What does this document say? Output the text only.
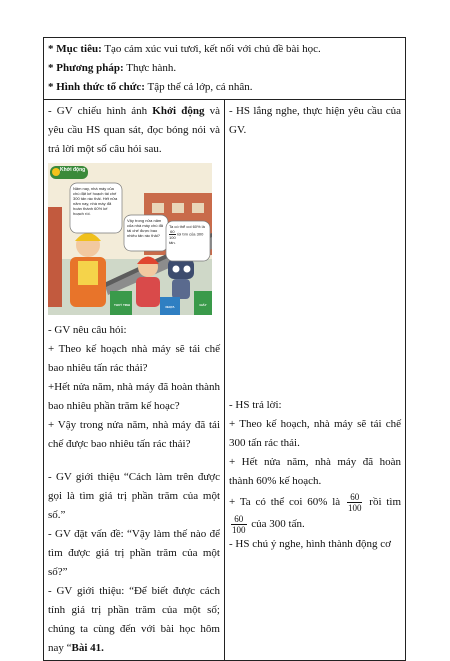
* Mục tiêu: Tạo cảm xúc vui tươi, kết nối với chủ đề bài học.

* Phương pháp: Thực hành.

* Hình thức tổ chức: Tập thể cả lớp, cá nhân.

- GV chiếu hình ảnh Khởi động và yêu cầu HS quan sát, đọc bóng nói và trả lời một số câu hỏi sau.

Khởi động
Năm nay, nhà máy của chú đặt kế hoạch tái chế 300 tấn rác thải. Hết nửa năm nay, nhà máy đã hoàn thành 60% kế hoạch rồi.
Vậy trong nửa năm của nhà máy chú đã tái chế được bao nhiêu tấn rác thải?
Ta có thể coi 60% là
$\frac{60}{100}$ rồi tìm của 300 tấn.
THUỶ TINH	NHỰA	GIẤY

- GV nêu câu hỏi:

+ Theo kế hoạch nhà máy sẽ tái chế bao nhiêu tấn rác thải?

+Hết nửa năm, nhà máy đã hoàn thành bao nhiêu phần trăm kế hoạc?

+ Vậy trong nửa năm, nhà máy đã tái chế được bao nhiêu tấn rác thải?

- GV giới thiệu “Cách làm trên được gọi là tìm giá trị phần trăm của một số.”

- GV đặt vấn đề: “Vậy làm thế nào để tìm được giá trị phần trăm của một số?”

- GV giới thiệu: “Để biết được cách tính giá trị phần trăm của một số; chúng ta cùng đến với bài học hôm nay “Bài 41.

- HS lắng nghe, thực hiện yêu cầu của GV.

- HS trả lời:

+ Theo kế hoạch, nhà máy sẽ tái chế 300 tấn rác thải.

+ Hết nửa năm, nhà máy đã hoàn thành 60% kế hoạch.

+ Ta có thể coi 60% là $\frac{60}{100}$ rồi tìm
$\frac{60}{100}$ của 300 tấn.

- HS chú ý nghe, hình thành động cơ
